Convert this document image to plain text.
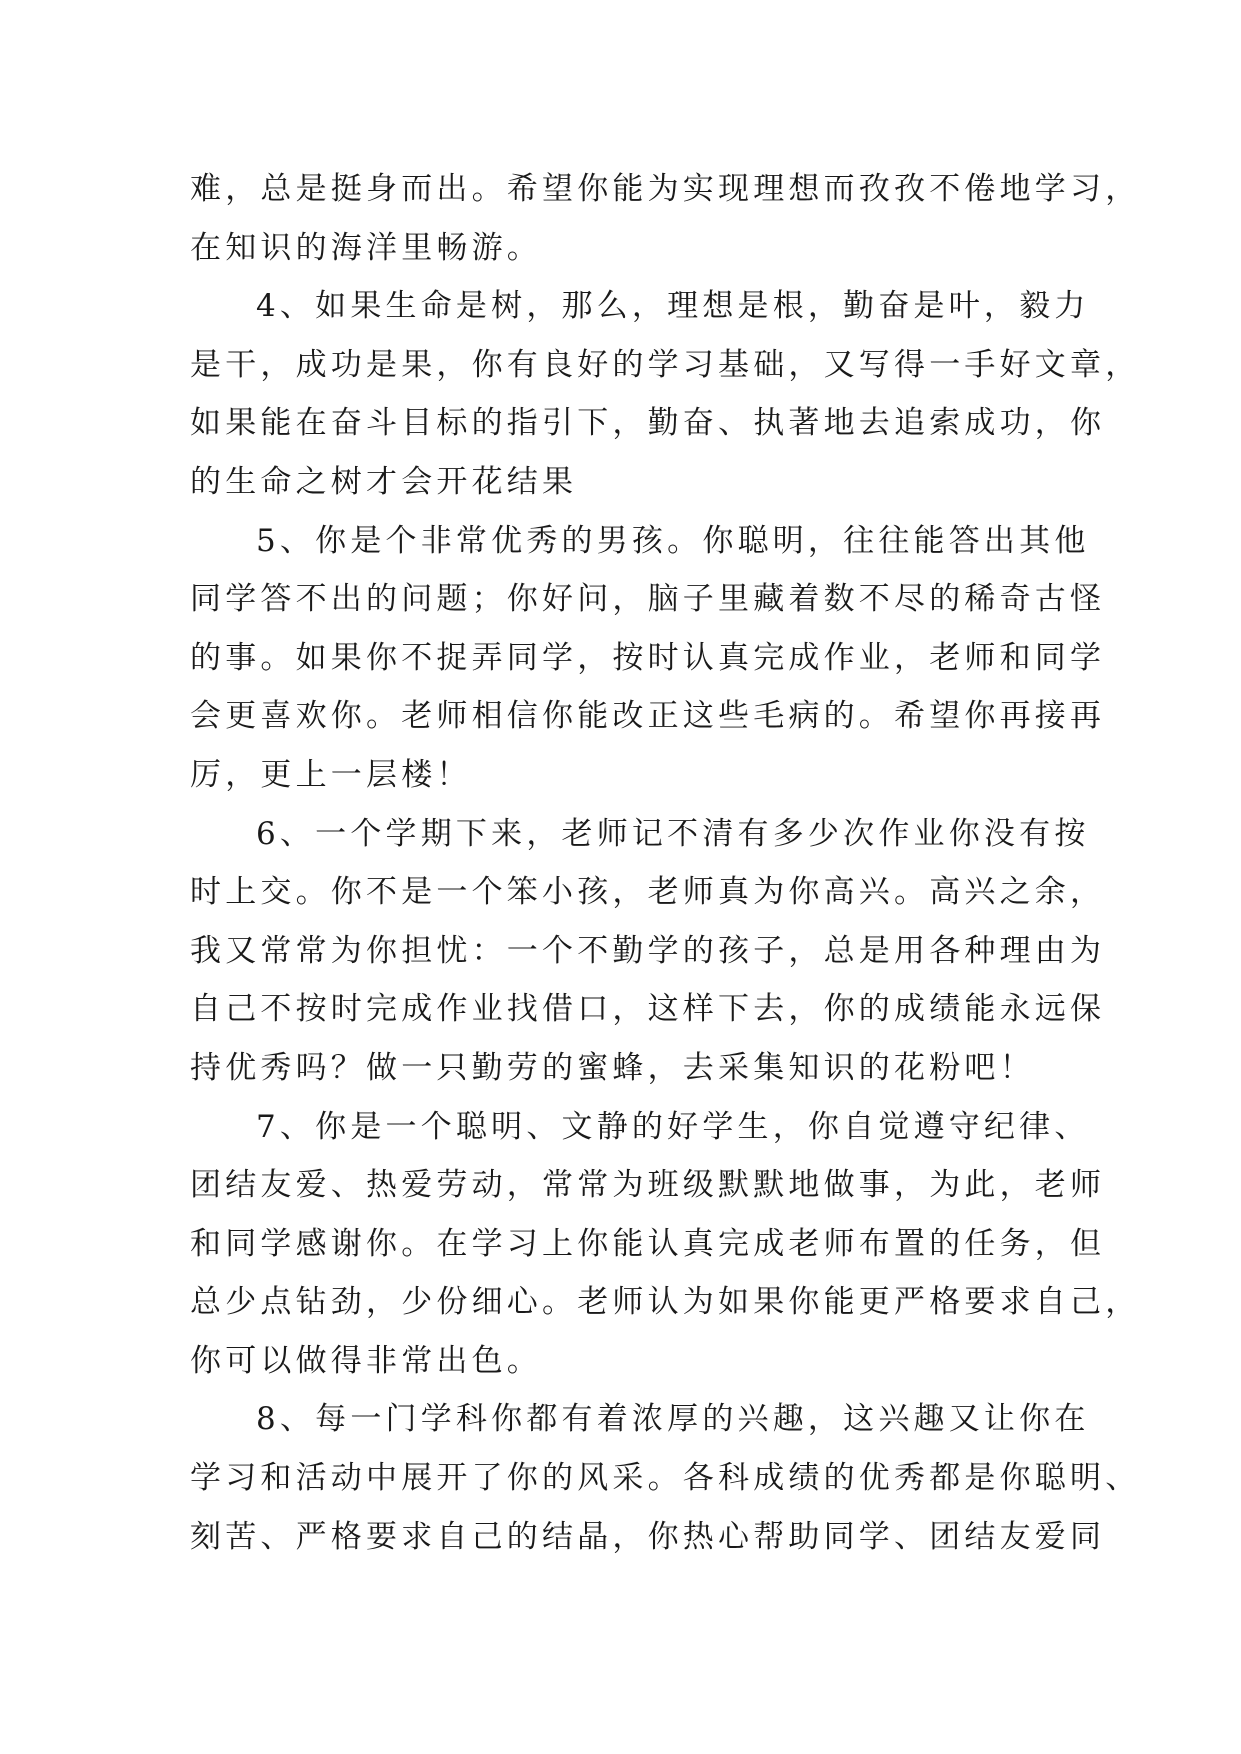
难，总是挺身而出。希望你能为实现理想而孜孜不倦地学习，
在知识的海洋里畅游。
4、如果生命是树，那么，理想是根，勤奋是叶，毅力
是干，成功是果，你有良好的学习基础，又写得一手好文章，
如果能在奋斗目标的指引下，勤奋、执著地去追索成功，你
的生命之树才会开花结果
5、你是个非常优秀的男孩。你聪明，往往能答出其他
同学答不出的问题；你好问，脑子里藏着数不尽的稀奇古怪
的事。如果你不捉弄同学，按时认真完成作业，老师和同学
会更喜欢你。老师相信你能改正这些毛病的。希望你再接再
厉，更上一层楼！
6、一个学期下来，老师记不清有多少次作业你没有按
时上交。你不是一个笨小孩，老师真为你高兴。高兴之余，
我又常常为你担忧：一个不勤学的孩子，总是用各种理由为
自己不按时完成作业找借口，这样下去，你的成绩能永远保
持优秀吗？做一只勤劳的蜜蜂，去采集知识的花粉吧！
7、你是一个聪明、文静的好学生，你自觉遵守纪律、
团结友爱、热爱劳动，常常为班级默默地做事，为此，老师
和同学感谢你。在学习上你能认真完成老师布置的任务，但
总少点钻劲，少份细心。老师认为如果你能更严格要求自己，
你可以做得非常出色。
8、每一门学科你都有着浓厚的兴趣，这兴趣又让你在
学习和活动中展开了你的风采。各科成绩的优秀都是你聪明、
刻苦、严格要求自己的结晶，你热心帮助同学、团结友爱同
